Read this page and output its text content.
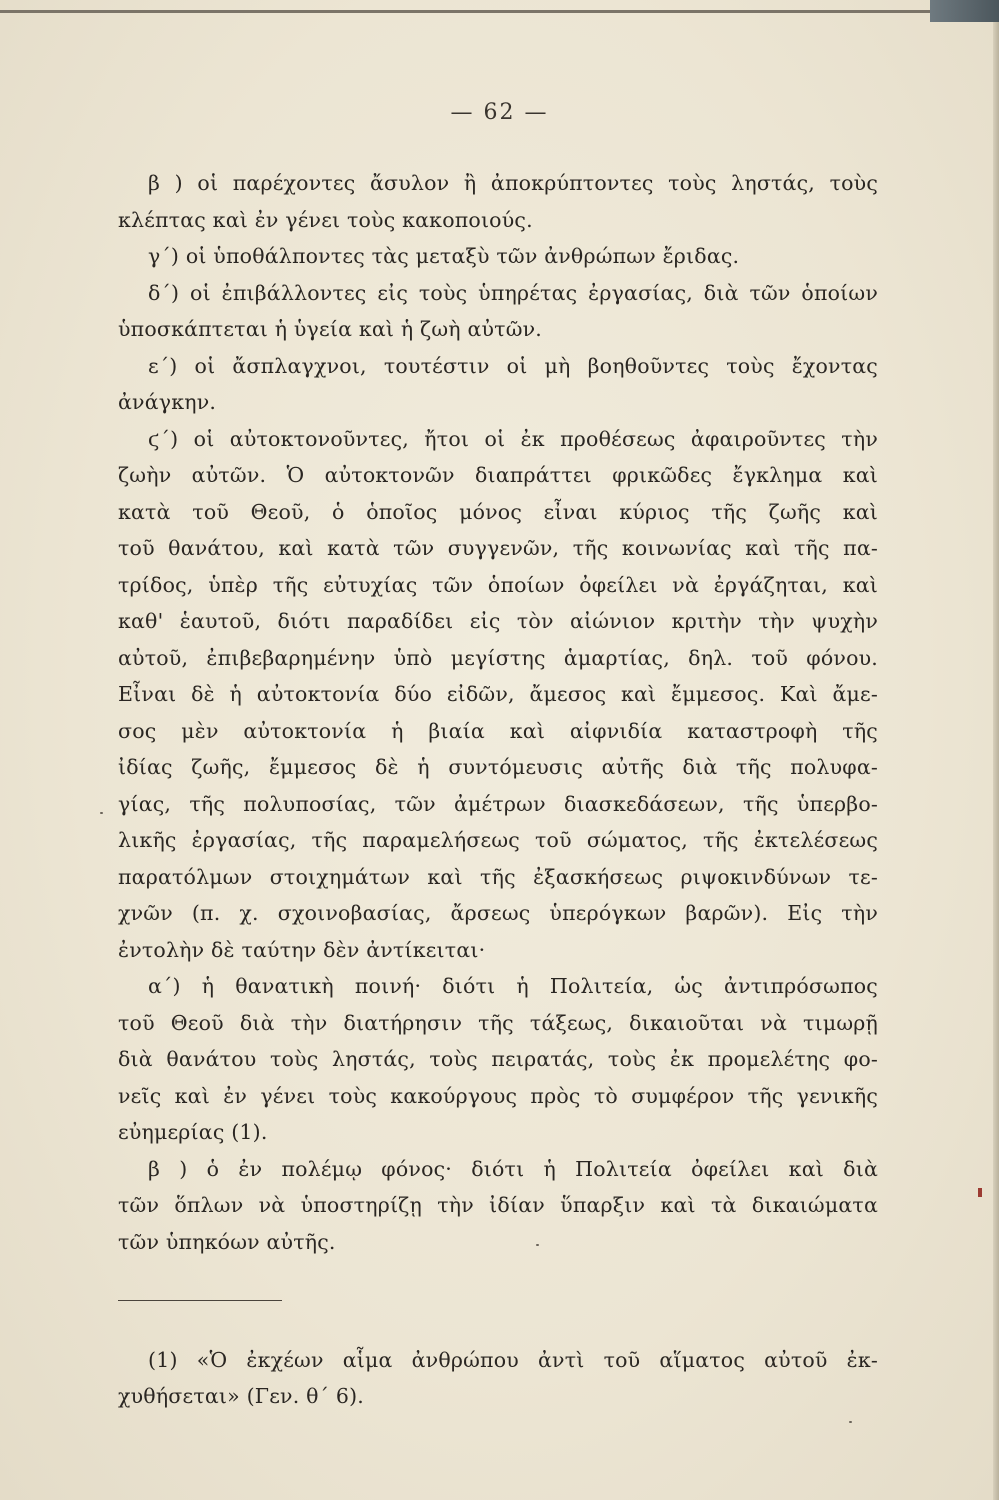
— 62 —
β ) οἱ παρέχοντες ἄσυλον ἢ ἀποκρύπτοντες τοὺς ληστάς, τοὺς
κλέπτας καὶ ἐν γένει τοὺς κακοποιούς.
γ΄) οἱ ὑποθάλποντες τὰς μεταξὺ τῶν ἀνθρώπων ἔριδας.
δ΄) οἱ ἐπιβάλλοντες εἰς τοὺς ὑπηρέτας ἐργασίας, διὰ τῶν ὁποίων
ὑποσκάπτεται ἡ ὑγεία καὶ ἡ ζωὴ αὐτῶν.
ε΄) οἱ ἄσπλαγχνοι, τουτέστιν οἱ μὴ βοηθοῦντες τοὺς ἔχοντας
ἀνάγκην.
ϛ΄) οἱ αὐτοκτονοῦντες, ἤτοι οἱ ἐκ προθέσεως ἀφαιροῦντες τὴν
ζωὴν αὐτῶν. Ὁ αὐτοκτονῶν διαπράττει φρικῶδες ἔγκλημα καὶ
κατὰ τοῦ Θεοῦ, ὁ ὁποῖος μόνος εἶναι κύριος τῆς ζωῆς καὶ
τοῦ θανάτου, καὶ κατὰ τῶν συγγενῶν, τῆς κοινωνίας καὶ τῆς πα-
τρίδος, ὑπὲρ τῆς εὐτυχίας τῶν ὁποίων ὀφείλει νὰ ἐργάζηται, καὶ
καθ' ἑαυτοῦ, διότι παραδίδει εἰς τὸν αἰώνιον κριτὴν τὴν ψυχὴν
αὐτοῦ, ἐπιβεβαρημένην ὑπὸ μεγίστης ἁμαρτίας, δηλ. τοῦ φόνου.
Εἶναι δὲ ἡ αὐτοκτονία δύο εἰδῶν, ἄμεσος καὶ ἔμμεσος. Καὶ ἄμε-
σος μὲν αὐτοκτονία ἡ βιαία καὶ αἰφνιδία καταστροφὴ τῆς
ἰδίας ζωῆς, ἔμμεσος δὲ ἡ συντόμευσις αὐτῆς διὰ τῆς πολυφα-
γίας, τῆς πολυποσίας, τῶν ἀμέτρων διασκεδάσεων, τῆς ὑπερβο-
λικῆς ἐργασίας, τῆς παραμελήσεως τοῦ σώματος, τῆς ἐκτελέσεως
παρατόλμων στοιχημάτων καὶ τῆς ἐξασκήσεως ριψοκινδύνων τε-
χνῶν (π. χ. σχοινοβασίας, ἄρσεως ὑπερόγκων βαρῶν). Εἰς τὴν
ἐντολὴν δὲ ταύτην δὲν ἀντίκειται·
α΄) ἡ θανατικὴ ποινή· διότι ἡ Πολιτεία, ὡς ἀντιπρόσωπος
τοῦ Θεοῦ διὰ τὴν διατήρησιν τῆς τάξεως, δικαιοῦται νὰ τιμωρῇ
διὰ θανάτου τοὺς ληστάς, τοὺς πειρατάς, τοὺς ἐκ προμελέτης φο-
νεῖς καὶ ἐν γένει τοὺς κακούργους πρὸς τὸ συμφέρον τῆς γενικῆς
εὐημερίας (1).
β ) ὁ ἐν πολέμῳ φόνος· διότι ἡ Πολιτεία ὀφείλει καὶ διὰ
τῶν ὅπλων νὰ ὑποστηρίζῃ τὴν ἰδίαν ὕπαρξιν καὶ τὰ δικαιώματα
τῶν ὑπηκόων αὐτῆς.
(1) «Ὁ ἐκχέων αἷμα ἀνθρώπου ἀντὶ τοῦ αἵματος αὐτοῦ ἐκ-
χυθήσεται» (Γεν. θ΄ 6).
